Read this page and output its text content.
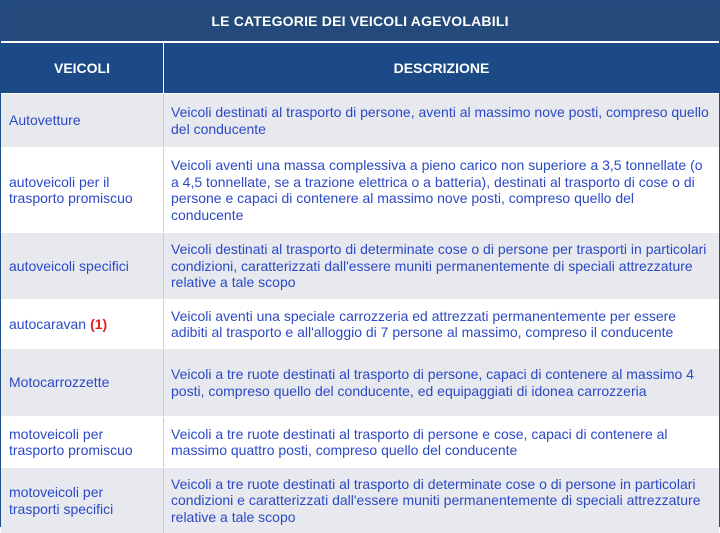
LE CATEGORIE DEI VEICOLI AGEVOLABILI
VEICOLI	DESCRIZIONE
Autovetture
Veicoli destinati al trasporto di persone, aventi al massimo nove posti, compreso quello del conducente
autoveicoli per il trasporto promiscuo
Veicoli aventi una massa complessiva a pieno carico non superiore a 3,5 tonnellate (o a 4,5 tonnellate, se a trazione elettrica o a batteria), destinati al trasporto di cose o di persone e capaci di contenere al massimo nove posti, compreso quello del conducente
autoveicoli specifici
Veicoli destinati al trasporto di determinate cose o di persone per trasporti in particolari condizioni, caratterizzati dall'essere muniti permanentemente di speciali attrezzature relative a tale scopo
autocaravan (1)
Veicoli aventi una speciale carrozzeria ed attrezzati permanentemente per essere adibiti al trasporto e all'alloggio di 7 persone al massimo, compreso il conducente
Motocarrozzette
Veicoli a tre ruote destinati al trasporto di persone, capaci di contenere al massimo 4 posti, compreso quello del conducente, ed equipaggiati di idonea carrozzeria
motoveicoli per trasporto promiscuo
Veicoli a tre ruote destinati al trasporto di persone e cose, capaci di contenere al massimo quattro posti, compreso quello del conducente
motoveicoli per trasporti specifici
Veicoli a tre ruote destinati al trasporto di determinate cose o di persone in particolari condizioni e caratterizzati dall'essere muniti permanentemente di speciali attrezzature relative a tale scopo
